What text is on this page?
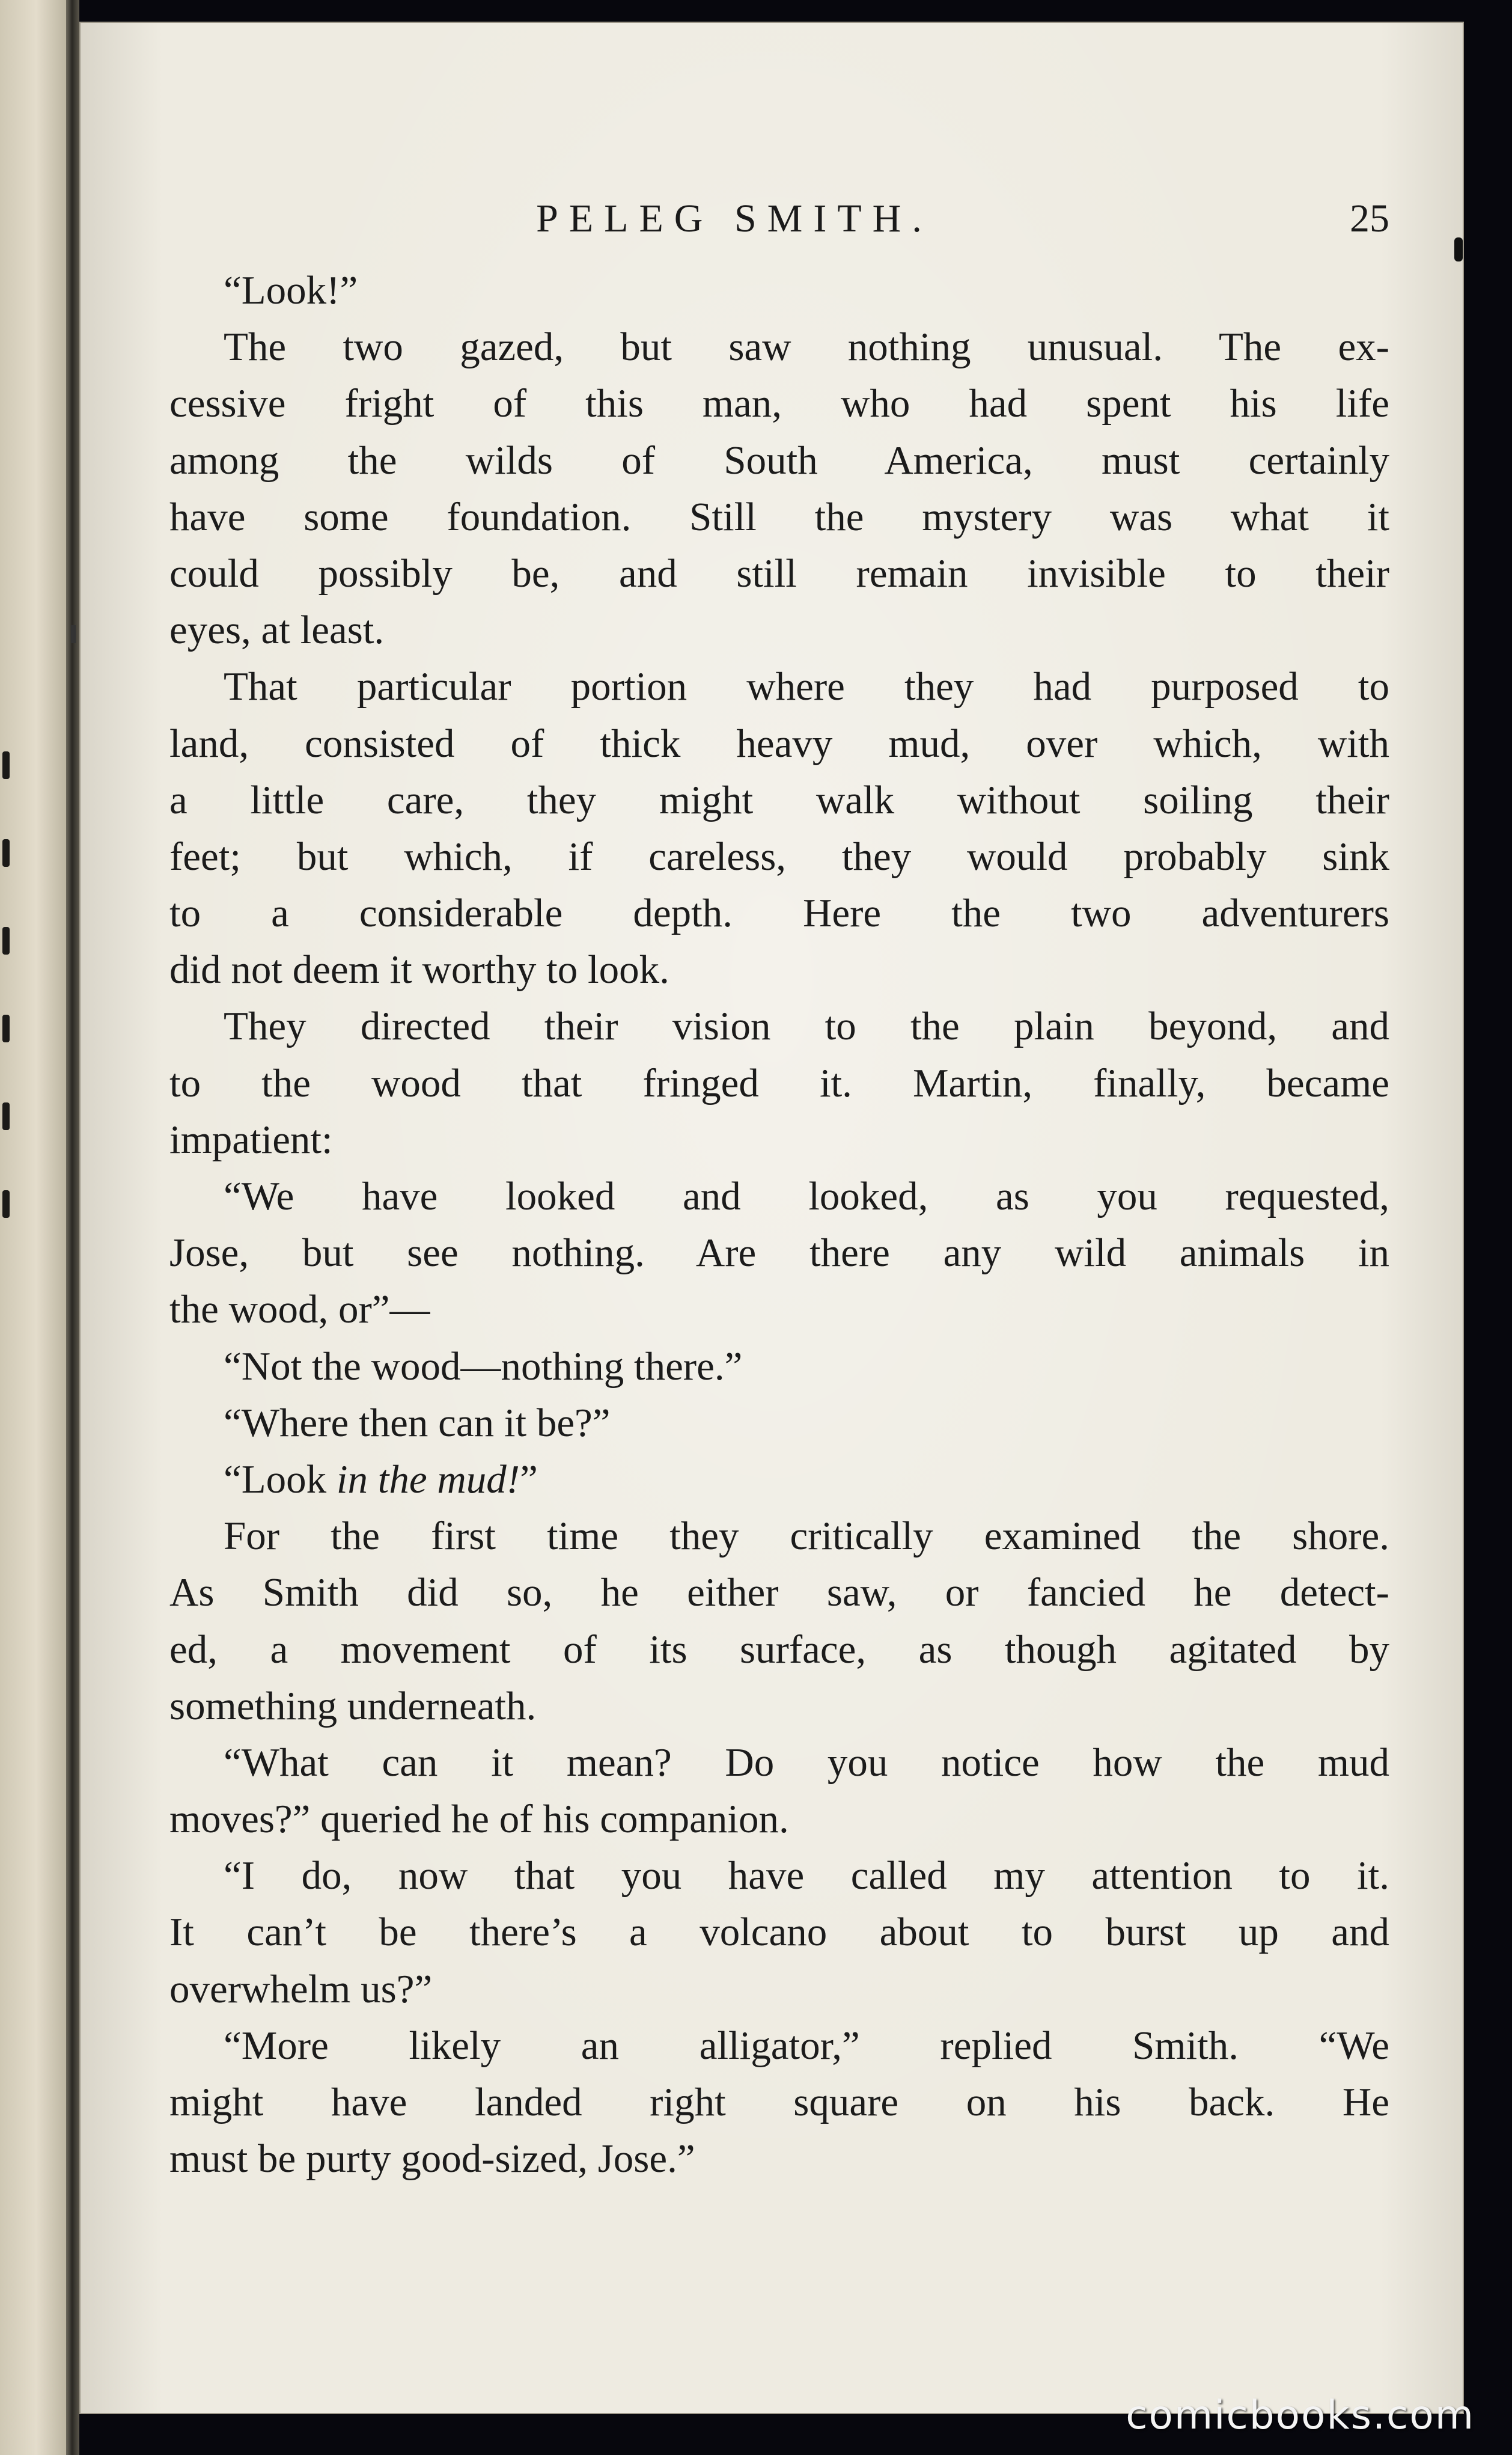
PELEG SMITH.	25
“Look!”
The two gazed, but saw nothing unusual. The ex-
cessive fright of this man, who had spent his life
among the wilds of South America, must certainly
have some foundation. Still the mystery was what it
could possibly be, and still remain invisible to their
eyes, at least.
That particular portion where they had purposed to
land, consisted of thick heavy mud, over which, with
a little care, they might walk without soiling their
feet; but which, if careless, they would probably sink
to a considerable depth. Here the two adventurers
did not deem it worthy to look.
They directed their vision to the plain beyond, and
to the wood that fringed it. Martin, finally, became
impatient:
“We have looked and looked, as you requested,
Jose, but see nothing. Are there any wild animals in
the wood, or”—
“Not the wood—nothing there.”
“Where then can it be?”
“Look in the mud!”
For the first time they critically examined the shore.
As Smith did so, he either saw, or fancied he detect-
ed, a movement of its surface, as though agitated by
something underneath.
“What can it mean? Do you notice how the mud
moves?” queried he of his companion.
“I do, now that you have called my attention to it.
It can’t be there’s a volcano about to burst up and
overwhelm us?”
“More likely an alligator,” replied Smith. “We
might have landed right square on his back. He
must be purty good-sized, Jose.”
comicbooks.com
